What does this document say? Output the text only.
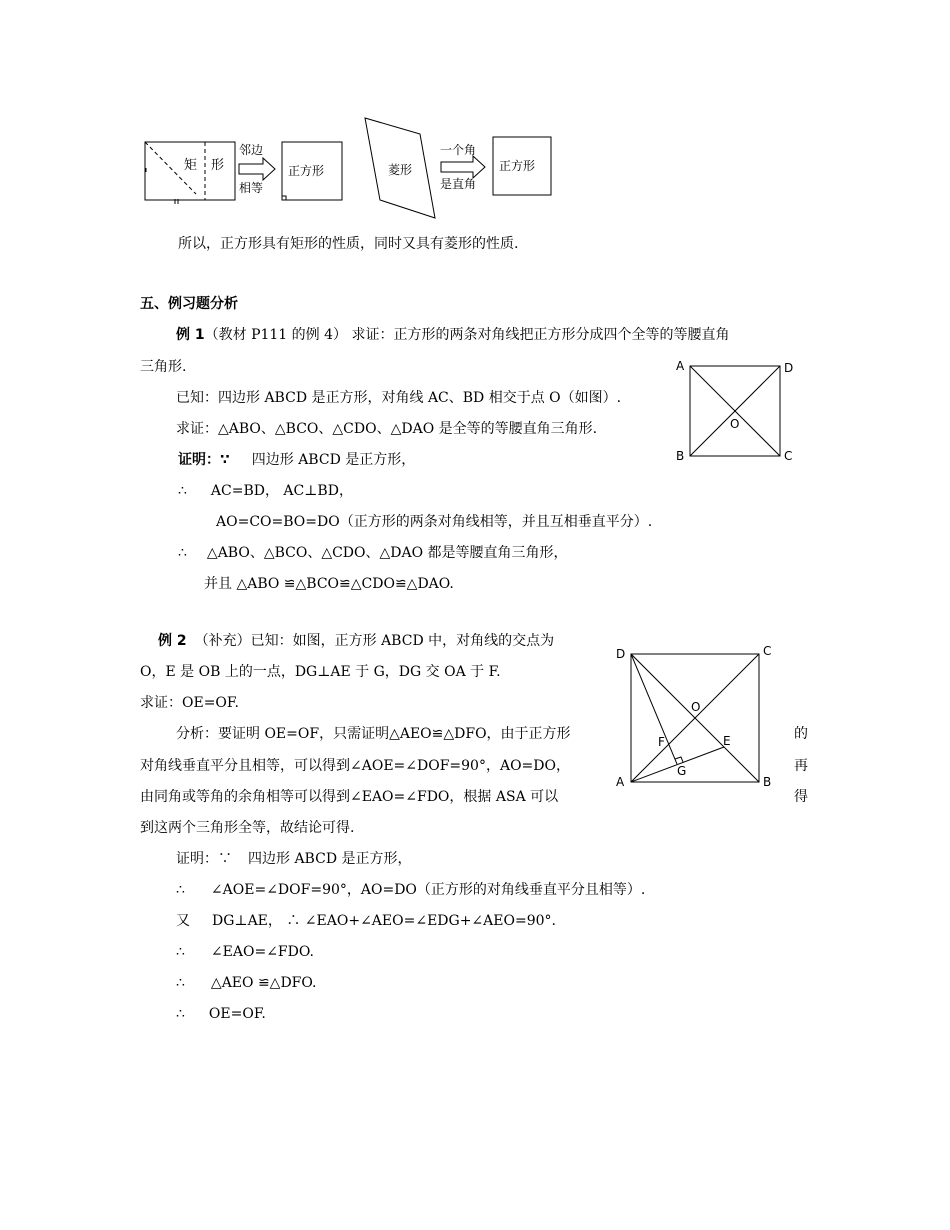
矩 形
邻边
相等
正方形	菱形
一个角
是直角
正方形
所以，正方形具有矩形的性质，同时又具有菱形的性质.
五、例习题分析
例 1（教材 P111 的例 4） 求证：正方形的两条对角线把正方形分成四个全等的等腰直角
三角形.
已知：四边形 ABCD 是正方形，对角线 AC、BD 相交于点 O（如图）.
求证：△ABO、△BCO、△CDO、△DAO 是全等的等腰直角三角形.
证明：∵ 四边形 ABCD 是正方形，
∴ AC=BD， AC⊥BD，
AO=CO=BO=DO（正方形的两条对角线相等，并且互相垂直平分）.
∴ △ABO、△BCO、△CDO、△DAO 都是等腰直角三角形，
并且 △ABO ≌△BCO≌△CDO≌△DAO.
A	D
O
B	C
例 2 （补充）已知：如图，正方形 ABCD 中，对角线的交点为
O，E 是 OB 上的一点，DG⊥AE 于 G，DG 交 OA 于 F.
求证：OE=OF.
分析：要证明 OE=OF，只需证明△AEO≌△DFO，由于正方形	的
对角线垂直平分且相等，可以得到∠AOE=∠DOF=90°，AO=DO，	再
由同角或等角的余角相等可以得到∠EAO=∠FDO，根据 ASA 可以	得
到这两个三角形全等，故结论可得.
证明：∵ 四边形 ABCD 是正方形，
∴ ∠AOE=∠DOF=90°，AO=DO（正方形的对角线垂直平分且相等）.
又 DG⊥AE， ∴ ∠EAO+∠AEO=∠EDG+∠AEO=90°.
∴ ∠EAO=∠FDO.
∴ △AEO ≌△DFO.
∴ OE=OF.
D	C
O
F	E
G
A	B
